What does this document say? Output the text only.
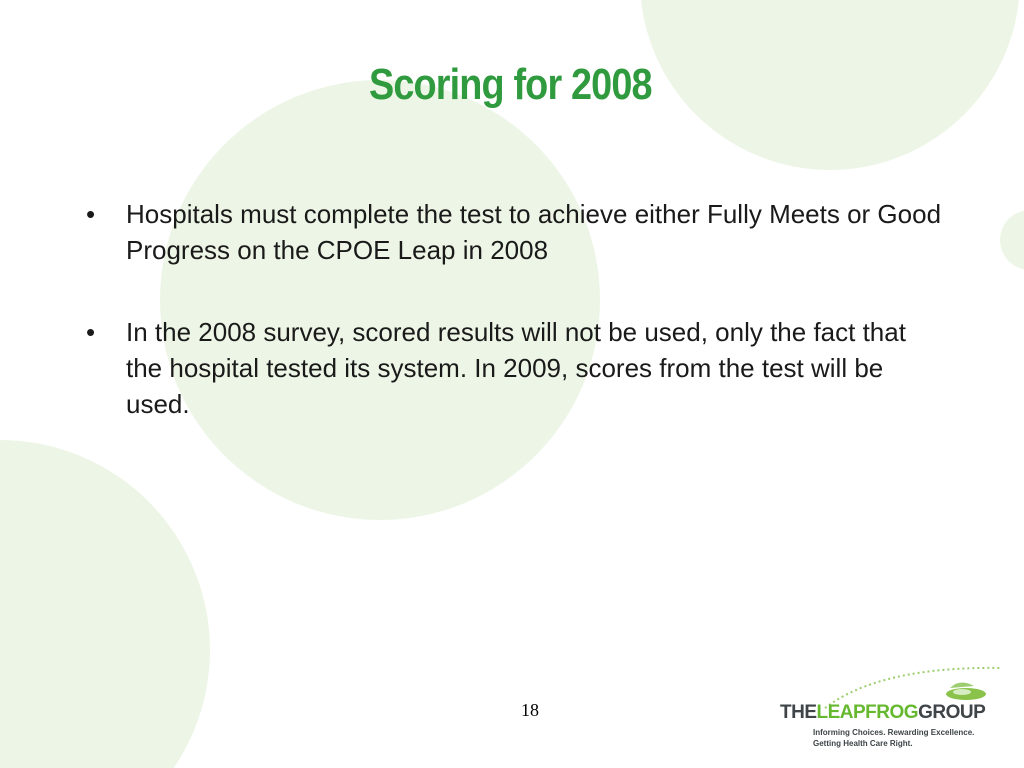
Scoring for 2008
•	Hospitals must complete the test to achieve either Fully Meets or Good Progress on the CPOE Leap in 2008
•	In the 2008 survey, scored results will not be used, only the fact that the hospital tested its system. In 2009, scores from the test will be used.
18	THELEAPFROGGROUP
Informing Choices. Rewarding Excellence.
Getting Health Care Right.
